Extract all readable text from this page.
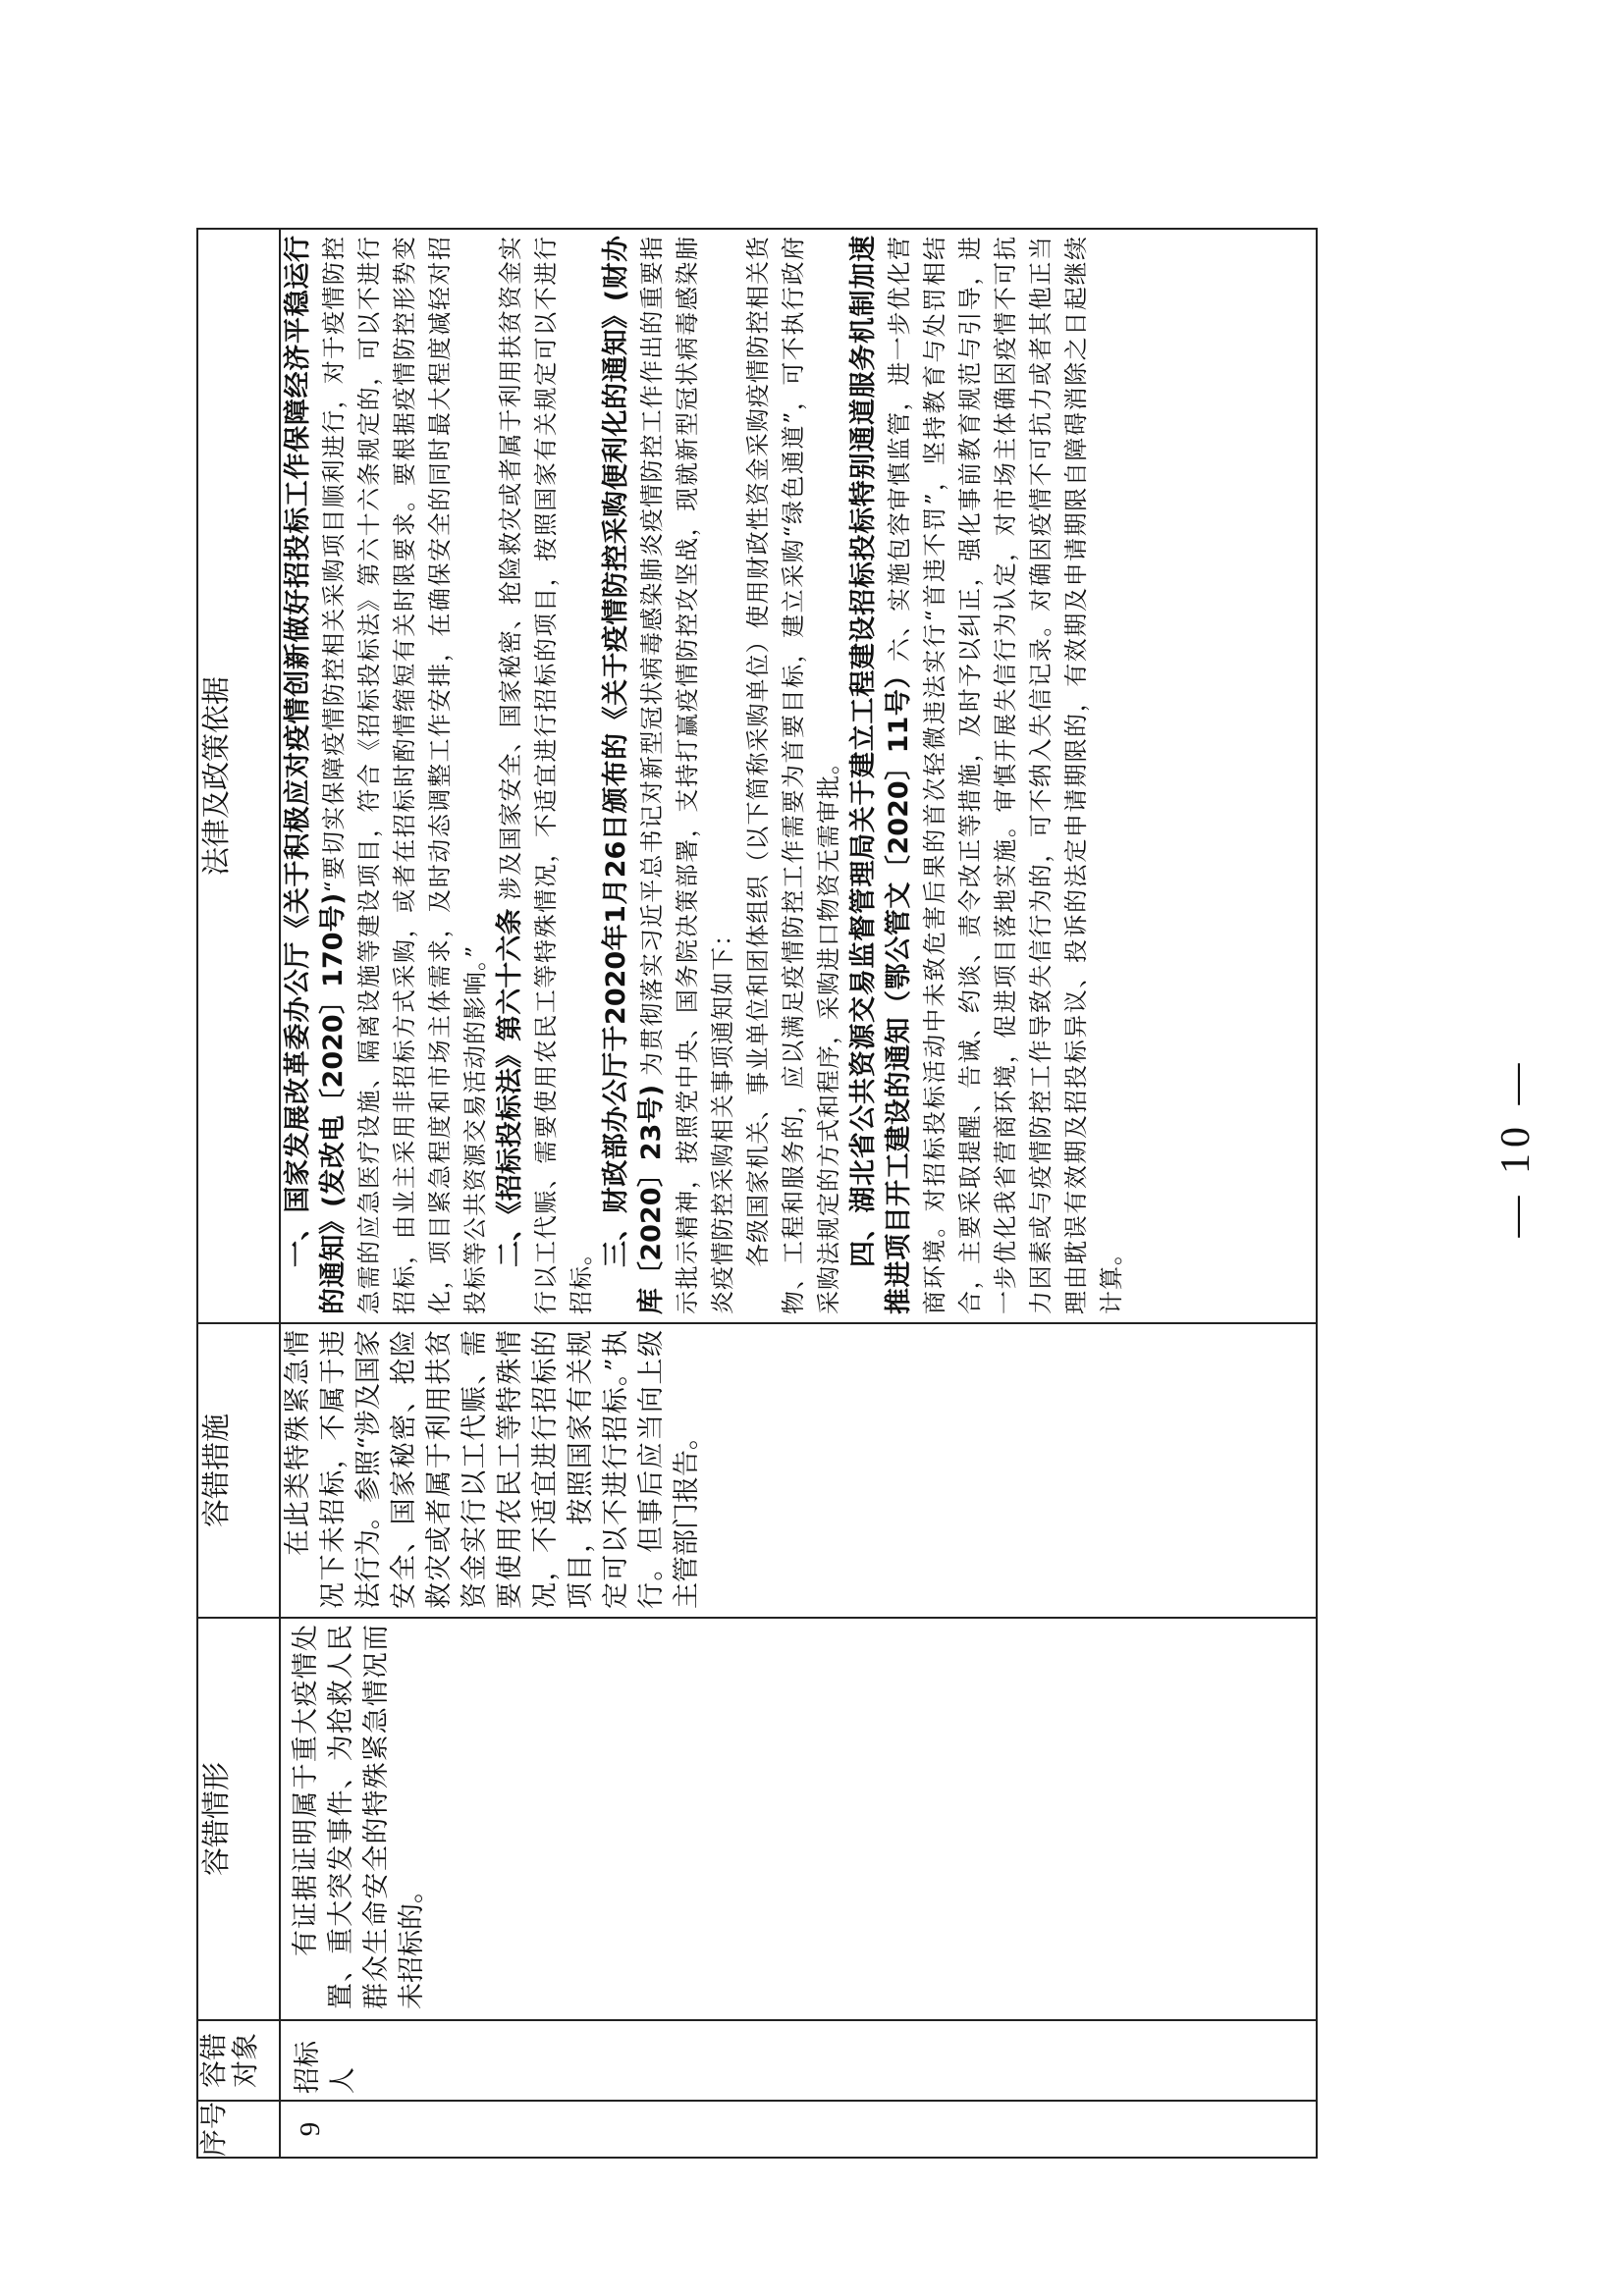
序号	容错对象	容错情形	容错措施	法律及政策依据

9	招标人	有证据证明属于重大疫情处置、重大突发事件、为抢救人民群众生命安全的特殊紧急情况而未招标的。	在此类特殊紧急情况下未招标，不属于违法行为。参照“涉及国家安全、国家秘密、抢险救灾或者属于利用扶贫资金实行以工代赈、需要使用农民工等特殊情况，不适宜进行招标的项目，按照国家有关规定可以不进行招标。”执行。但事后应当向上级主管部门报告。	一、国家发展改革委办公厅《关于积极应对疫情创新做好招投标工作保障经济平稳运行的通知》(发改电〔2020〕170号)“要切实保障疫情防控相关采购项目顺利进行，对于疫情防控急需的应急医疗设施、隔离设施等建设项目，符合《招标投标法》第六十六条规定的，可以不进行招标，由业主采用非招标方式采购，或者在招标时酌情缩短有关时限要求。要根据疫情防控形势变化，项目紧急程度和市场主体需求，及时动态调整工作安排，在确保安全的同时最大程度减轻对招投标等公共资源交易活动的影响。” 二、《招标投标法》第六十六条 涉及国家安全、国家秘密、抢险救灾或者属于利用扶贫资金实行以工代赈、需要使用农民工等特殊情况，不适宜进行招标的项目，按照国家有关规定可以不进行招标。

三、财政部办公厅于2020年1月26日颁布的《关于疫情防控采购便利化的通知》(财办库〔2020〕23号) 为贯彻落实习近平总书记对新型冠状病毒感染肺炎疫情防控工作作出的重要指示批示精神，按照党中央、国务院决策部署，支持打赢疫情防控攻坚战，现就新型冠状病毒感染肺炎疫情防控采购相关事项通知如下： 各级国家机关、事业单位和团体组织（以下简称采购单位）使用财政性资金采购疫情防控相关货物、工程和服务的，应以满足疫情防控工作需要为首要目标，建立采购“绿色通道”，可不执行政府采购法规定的方式和程序，采购进口物资无需审批。 四、湖北省公共资源交易监督管理局关于建立工程建设招标投标特别通道服务机制加速推进项目开工建设的通知（鄂公管文〔2020〕11号）六、实施包容审慎监管，进一步优化营商环境。对招标投标活动中未致危害后果的首次轻微违法实行“首违不罚”，坚持教育与处罚相结合，主要采取提醒、告诫、约谈、责令改正等措施，及时予以纠正，强化事前教育规范与引导，进一步优化我省营商环境，促进项目落地实施。审慎开展失信行为认定，对市场主体确因疫情不可抗力因素或与疫情防控工作导致失信行为的，可不纳入失信记录。对确因疫情不可抗力或者其他正当理由耽误有效期及招投标异议、投诉的法定申请期限的，有效期及申请期限自障碍消除之日起继续计算。

— 10 —
